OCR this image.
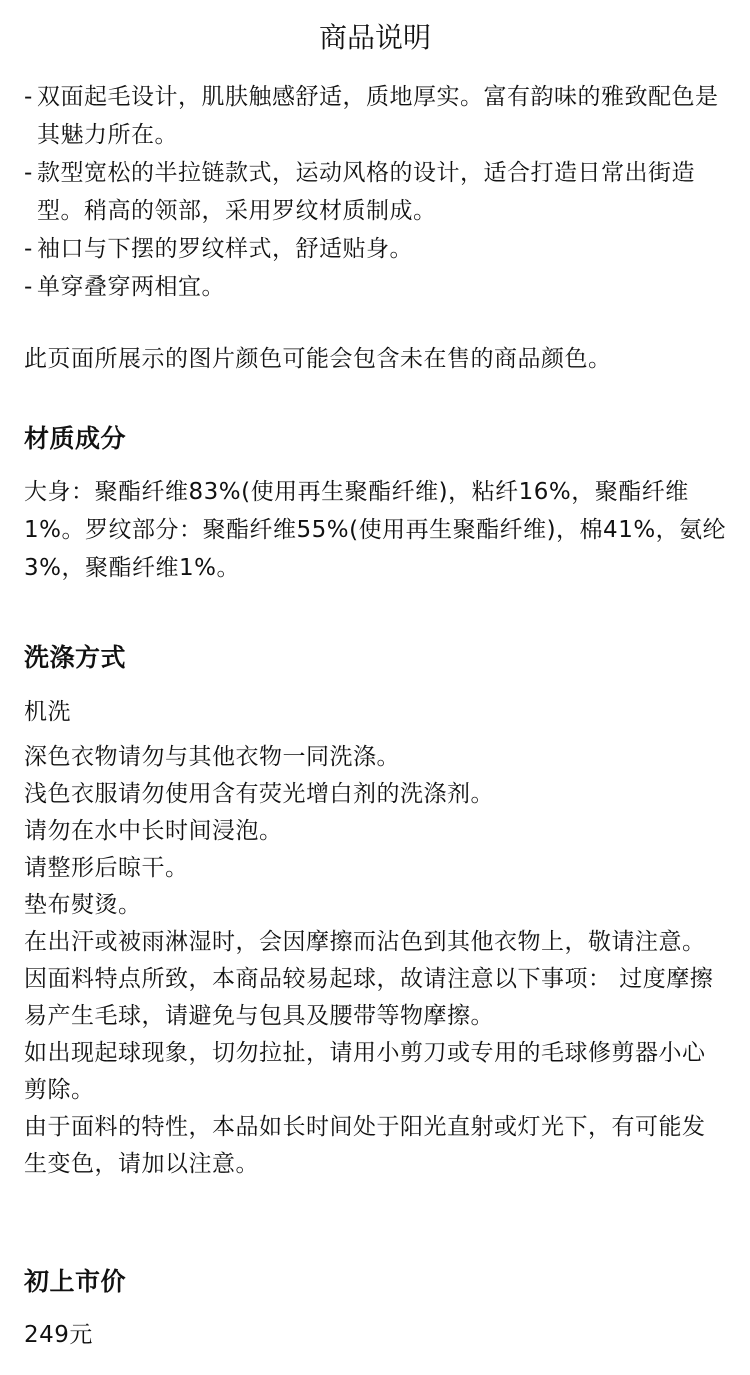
商品说明
- 双面起毛设计，肌肤触感舒适，质地厚实。富有韵味的雅致配色是其魅力所在。
- 款型宽松的半拉链款式，运动风格的设计，适合打造日常出街造型。稍高的领部，采用罗纹材质制成。
- 袖口与下摆的罗纹样式，舒适贴身。
- 单穿叠穿两相宜。

此页面所展示的图片颜色可能会包含未在售的商品颜色。

材质成分

大身：聚酯纤维83%(使用再生聚酯纤维)，粘纤16%，聚酯纤维1%。罗纹部分：聚酯纤维55%(使用再生聚酯纤维)，棉41%，氨纶3%，聚酯纤维1%。

洗涤方式

机洗

深色衣物请勿与其他衣物一同洗涤。
浅色衣服请勿使用含有荧光增白剂的洗涤剂。
请勿在水中长时间浸泡。
请整形后晾干。
垫布熨烫。
在出汗或被雨淋湿时，会因摩擦而沾色到其他衣物上，敬请注意。
因面料特点所致，本商品较易起球，故请注意以下事项： 过度摩擦易产生毛球，请避免与包具及腰带等物摩擦。
如出现起球现象，切勿拉扯，请用小剪刀或专用的毛球修剪器小心剪除。
由于面料的特性，本品如长时间处于阳光直射或灯光下，有可能发生变色，请加以注意。
初上市价

249元
